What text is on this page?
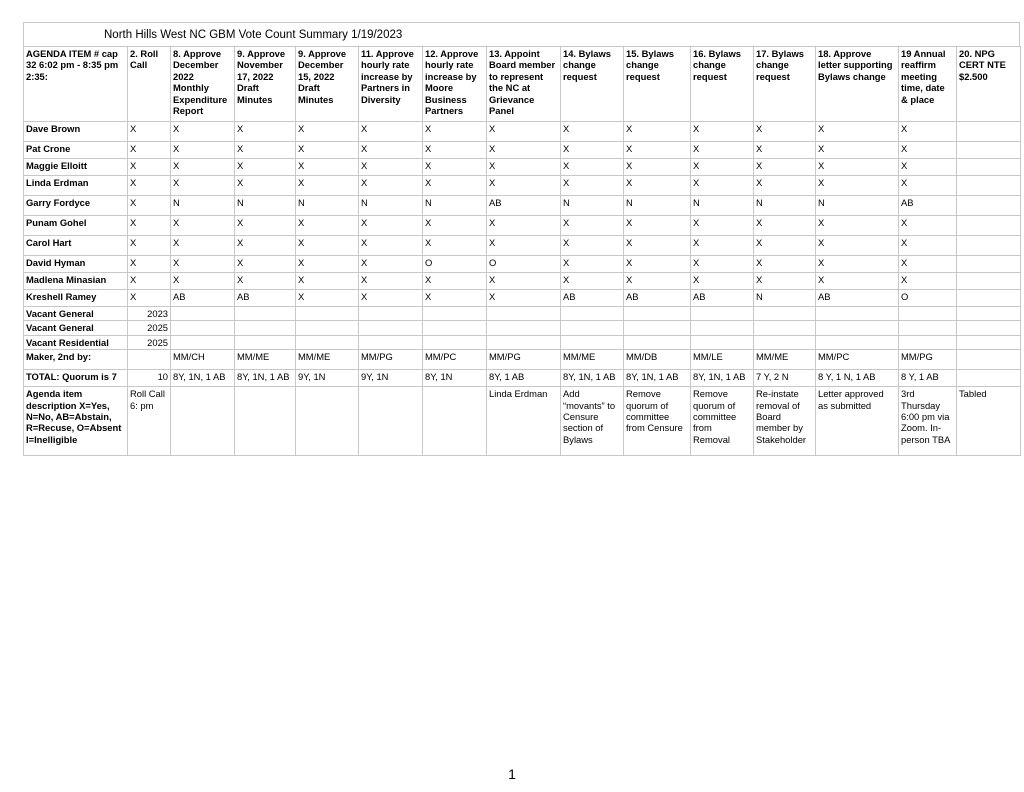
North Hills West NC GBM Vote Count Summary 1/19/2023
AGENDA ITEM # cap 32 6:02 pm - 8:35 pm 2:35:	2. Roll Call	8. Approve December 2022 Monthly Expenditure Report	9. Approve November 17, 2022 Draft Minutes	9. Approve December 15, 2022 Draft Minutes	11. Approve hourly rate increase by Partners in Diversity	12. Approve hourly rate increase by Moore Business Partners	13. Appoint Board member to represent the NC at Grievance Panel	14. Bylaws change request	15. Bylaws change request	16. Bylaws change request	17. Bylaws change request	18. Approve letter supporting Bylaws change	19 Annual reaffirm meeting time, date & place	20. NPG CERT NTE $2.500
Dave Brown	X	X	X	X	X	X	X	X	X	X	X	X	X	
Pat Crone	X	X	X	X	X	X	X	X	X	X	X	X	X	
Maggie Elloitt	X	X	X	X	X	X	X	X	X	X	X	X	X	
Linda Erdman	X	X	X	X	X	X	X	X	X	X	X	X	X	
Garry Fordyce	X	N	N	N	N	N	AB	N	N	N	N	N	AB	
Punam Gohel	X	X	X	X	X	X	X	X	X	X	X	X	X	
Carol Hart	X	X	X	X	X	X	X	X	X	X	X	X	X	
David Hyman	X	X	X	X	X	O	O	X	X	X	X	X	X	
Madlena Minasian	X	X	X	X	X	X	X	X	X	X	X	X	X	
Kreshell Ramey	X	AB	AB	X	X	X	X	AB	AB	AB	N	AB	O	
Vacant General	2023													
Vacant General	2025													
Vacant Residential	2025													
Maker, 2nd by:		MM/CH	MM/ME	MM/ME	MM/PG	MM/PC	MM/PG	MM/ME	MM/DB	MM/LE	MM/ME	MM/PC	MM/PG	
TOTAL: Quorum is 7	10	8Y, 1N, 1 AB	8Y, 1N, 1 AB	9Y, 1N	9Y, 1N	8Y, 1N	8Y, 1 AB	8Y, 1N, 1 AB	8Y, 1N, 1 AB	8Y, 1N, 1 AB	7 Y, 2 N	8 Y, 1 N, 1 AB	8 Y, 1 AB	
Agenda item description X=Yes, N=No, AB=Abstain, R=Recuse, O=Absent I=Inelligible	Roll Call 6: pm						Linda Erdman	Add “movants” to Censure section of Bylaws	Remove quorum of committee from Censure	Remove quorum of committee from Removal	Re-instate removal of Board member by Stakeholder	Letter approved as submitted	3rd Thursday 6:00 pm via Zoom. In-person TBA	Tabled
1
